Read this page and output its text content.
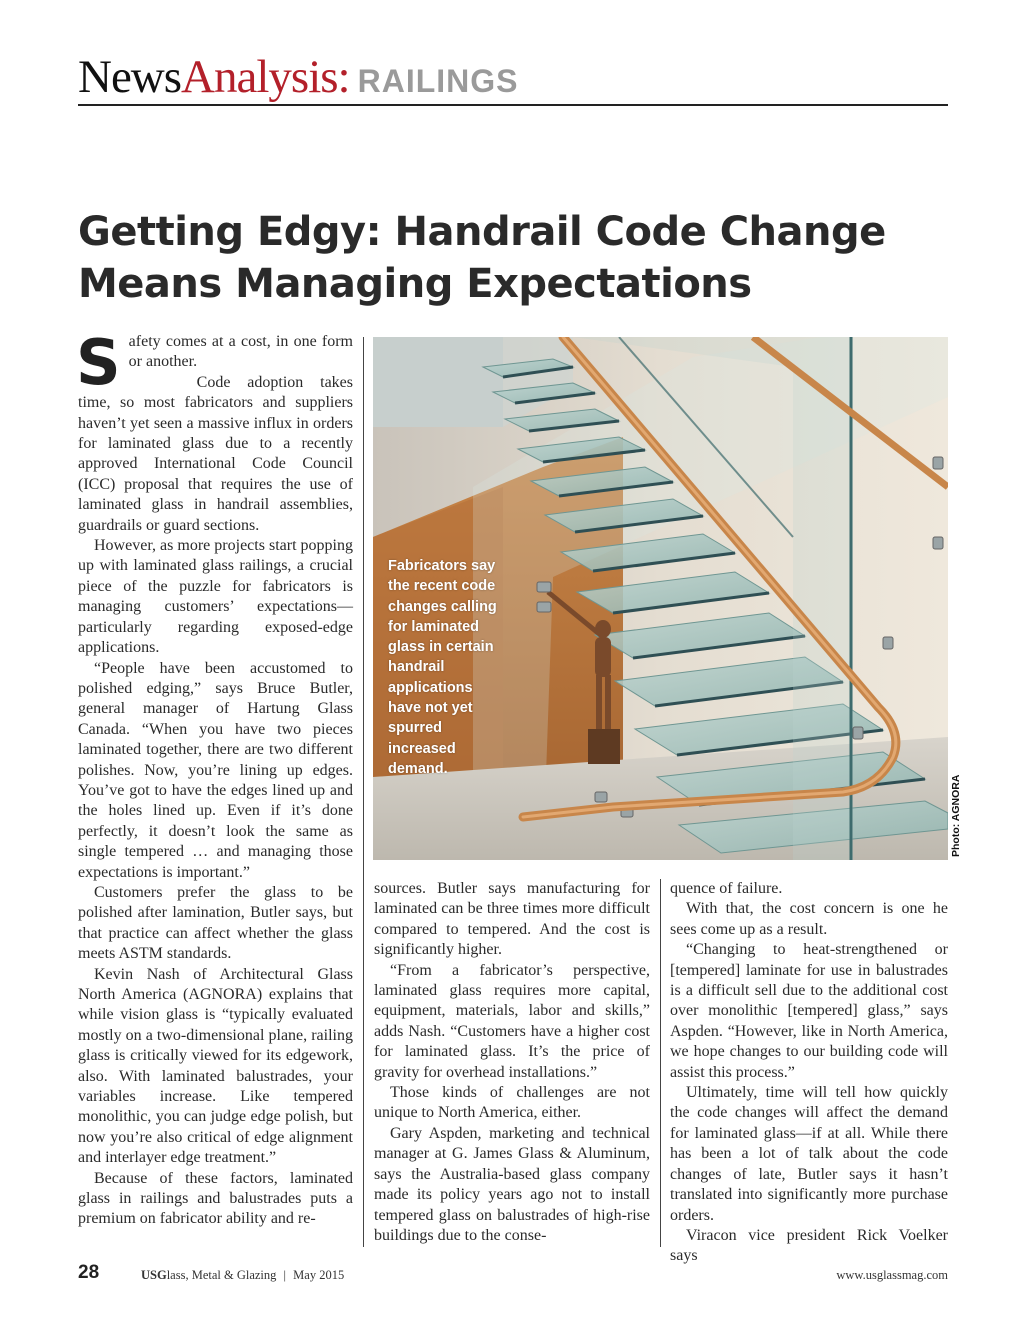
NewsAnalysis: RAILINGS
Getting Edgy: Handrail Code Change
Means Managing Expectations

Safety comes at a cost, in one form or another.

Code adoption takes time, so most fabricators and suppliers haven’t yet seen a massive influx in orders for laminated glass due to a recently approved International Code Council (ICC) proposal that requires the use of laminated glass in handrail assemblies, guardrails or guard sections.

However, as more projects start popping up with laminated glass railings, a crucial piece of the puzzle for fabricators is managing customers’ expectations—particularly regarding exposed-edge applications.

“People have been accustomed to polished edging,” says Bruce Butler, general manager of Hartung Glass Canada. “When you have two pieces laminated together, there are two different polishes. Now, you’re lining up edges. You’ve got to have the edges lined up and the holes lined up. Even if it’s done perfectly, it doesn’t look the same as single tempered … and managing those expectations is important.”

Customers prefer the glass to be polished after lamination, Butler says, but that practice can affect whether the glass meets ASTM standards.

Kevin Nash of Architectural Glass North America (AGNORA) explains that while vision glass is “typically evaluated mostly on a two-dimensional plane, railing glass is critically viewed for its edgework, also. With laminated balustrades, your variables increase. Like tempered monolithic, you can judge edge polish, but now you’re also critical of edge alignment and interlayer edge treatment.”

Because of these factors, laminated glass in railings and balustrades puts a premium on fabricator ability and re-

Fabricators say the recent code changes calling for laminated glass in certain handrail applications have not yet spurred increased demand.
Photo: AGNORA

sources. Butler says manufacturing for laminated can be three times more difficult compared to tempered. And the cost is significantly higher.

“From a fabricator’s perspective, laminated glass requires more capital, equipment, materials, labor and skills,” adds Nash. “Customers have a higher cost for laminated glass. It’s the price of gravity for overhead installations.”

Those kinds of challenges are not unique to North America, either.

Gary Aspden, marketing and technical manager at G. James Glass & Aluminum, says the Australia-based glass company made its policy years ago not to install tempered glass on balustrades of high-rise buildings due to the conse-

quence of failure.

With that, the cost concern is one he sees come up as a result.

“Changing to heat-strengthened or [tempered] laminate for use in balustrades is a difficult sell due to the additional cost over monolithic [tempered] glass,” says Aspden. “However, like in North America, we hope changes to our building code will assist this process.”

Ultimately, time will tell how quickly the code changes will affect the demand for laminated glass—if at all. While there has been a lot of talk about the code changes of late, Butler says it hasn’t translated into significantly more purchase orders.

Viracon vice president Rick Voelker says

28	USGlass, Metal & Glazing | May 2015	www.usglassmag.com
